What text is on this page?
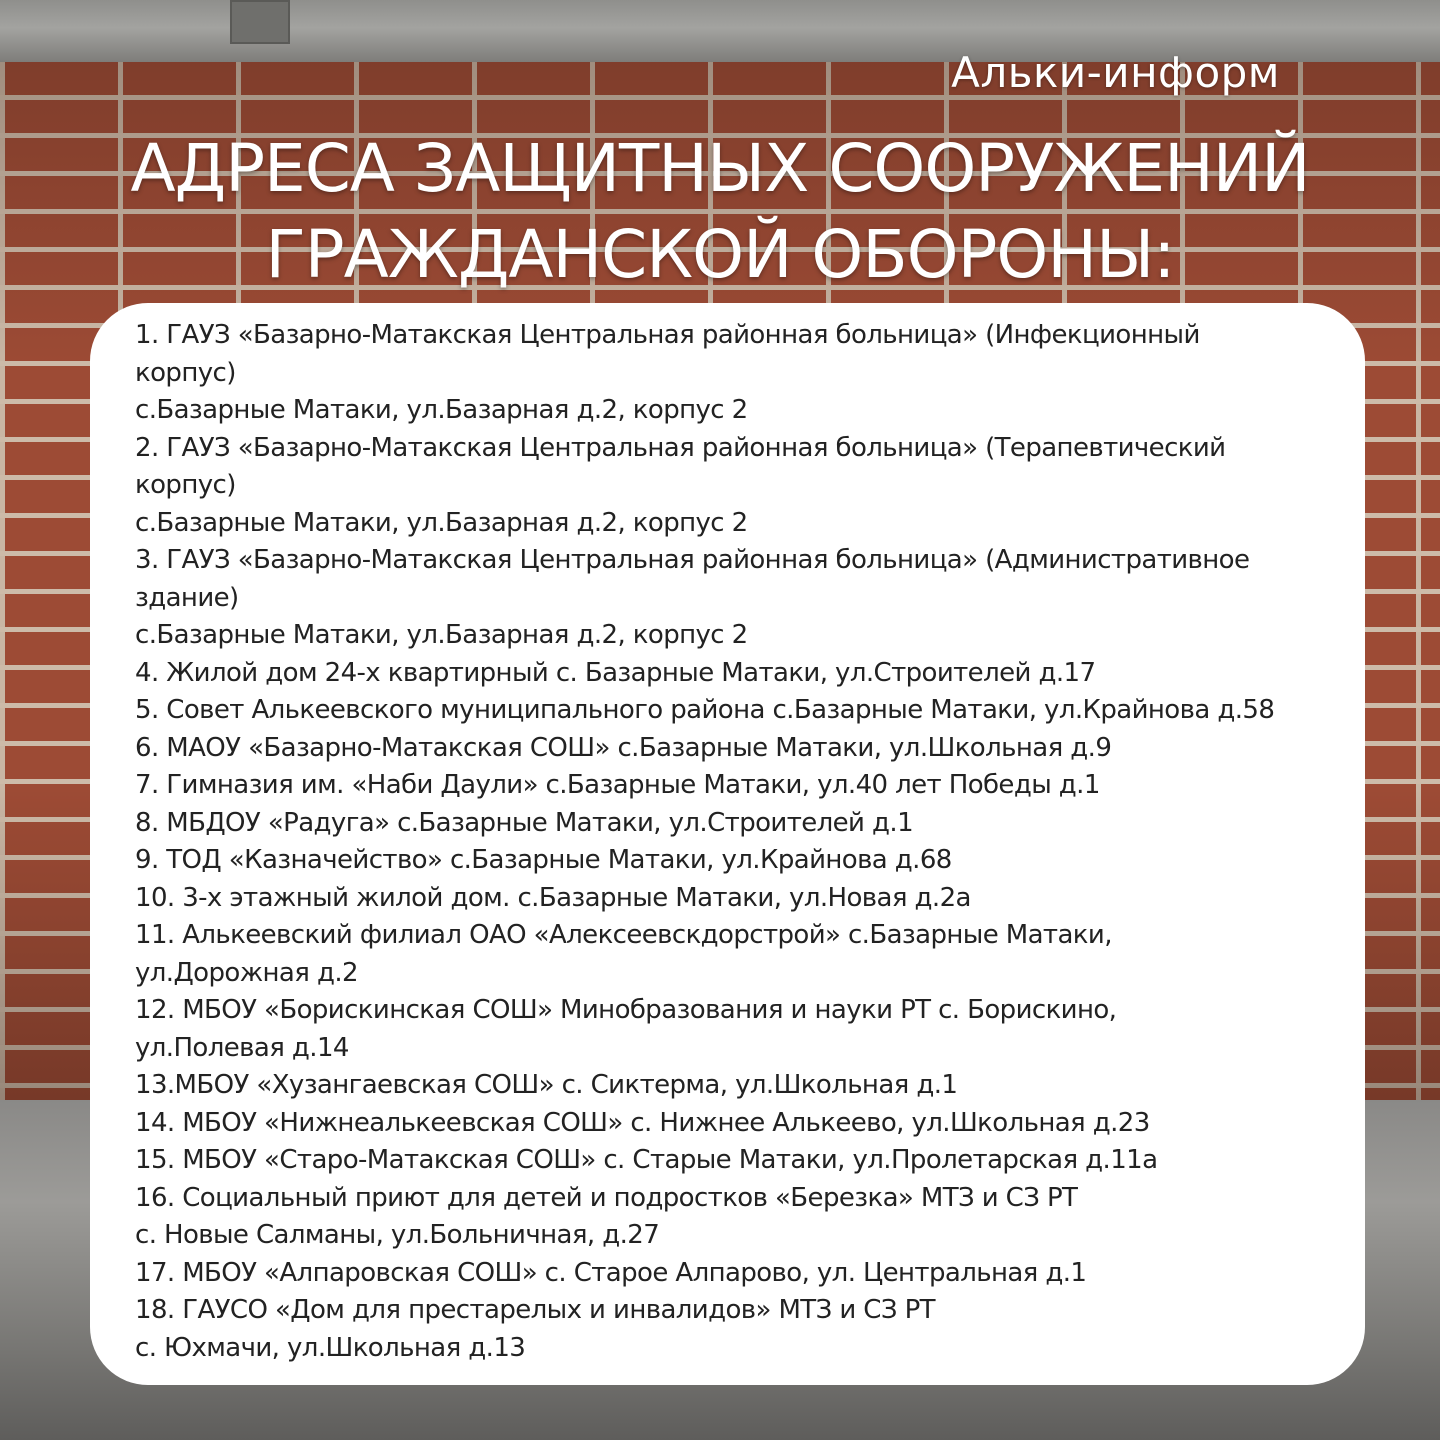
Альки-информ
АДРЕСА ЗАЩИТНЫХ СООРУЖЕНИЙ
ГРАЖДАНСКОЙ ОБОРОНЫ:
1. ГАУЗ «Базарно-Матакская Центральная районная больница» (Инфекционный
корпус)
с.Базарные Матаки, ул.Базарная д.2, корпус 2
2. ГАУЗ «Базарно-Матакская Центральная районная больница» (Терапевтический
корпус)
с.Базарные Матаки, ул.Базарная д.2, корпус 2
3. ГАУЗ «Базарно-Матакская Центральная районная больница» (Административное
здание)
с.Базарные Матаки, ул.Базарная д.2, корпус 2
4. Жилой дом 24-х квартирный с. Базарные Матаки, ул.Строителей д.17
5. Совет Алькеевского муниципального района с.Базарные Матаки, ул.Крайнова д.58
6. МАОУ «Базарно-Матакская СОШ» с.Базарные Матаки, ул.Школьная д.9
7. Гимназия им. «Наби Даули» с.Базарные Матаки, ул.40 лет Победы д.1
8. МБДОУ «Радуга» с.Базарные Матаки, ул.Строителей д.1
9. ТОД «Казначейство» с.Базарные Матаки, ул.Крайнова д.68
10. 3-х этажный жилой дом. с.Базарные Матаки, ул.Новая д.2а
11. Алькеевский филиал ОАО «Алексеевскдорстрой» с.Базарные Матаки,
ул.Дорожная д.2
12. МБОУ «Борискинская СОШ» Минобразования и науки РТ с. Борискино,
ул.Полевая д.14
13.МБОУ «Хузангаевская СОШ» с. Сиктерма, ул.Школьная д.1
14. МБОУ «Нижнеалькеевская СОШ» с. Нижнее Алькеево, ул.Школьная д.23
15. МБОУ «Старо-Матакская СОШ» с. Старые Матаки, ул.Пролетарская д.11а
16. Социальный приют для детей и подростков «Березка» МТЗ и СЗ РТ
с. Новые Салманы, ул.Больничная, д.27
17. МБОУ «Алпаровская СОШ» с. Старое Алпарово, ул. Центральная д.1
18. ГАУСО «Дом для престарелых и инвалидов» МТЗ и СЗ РТ
с. Юхмачи, ул.Школьная д.13
